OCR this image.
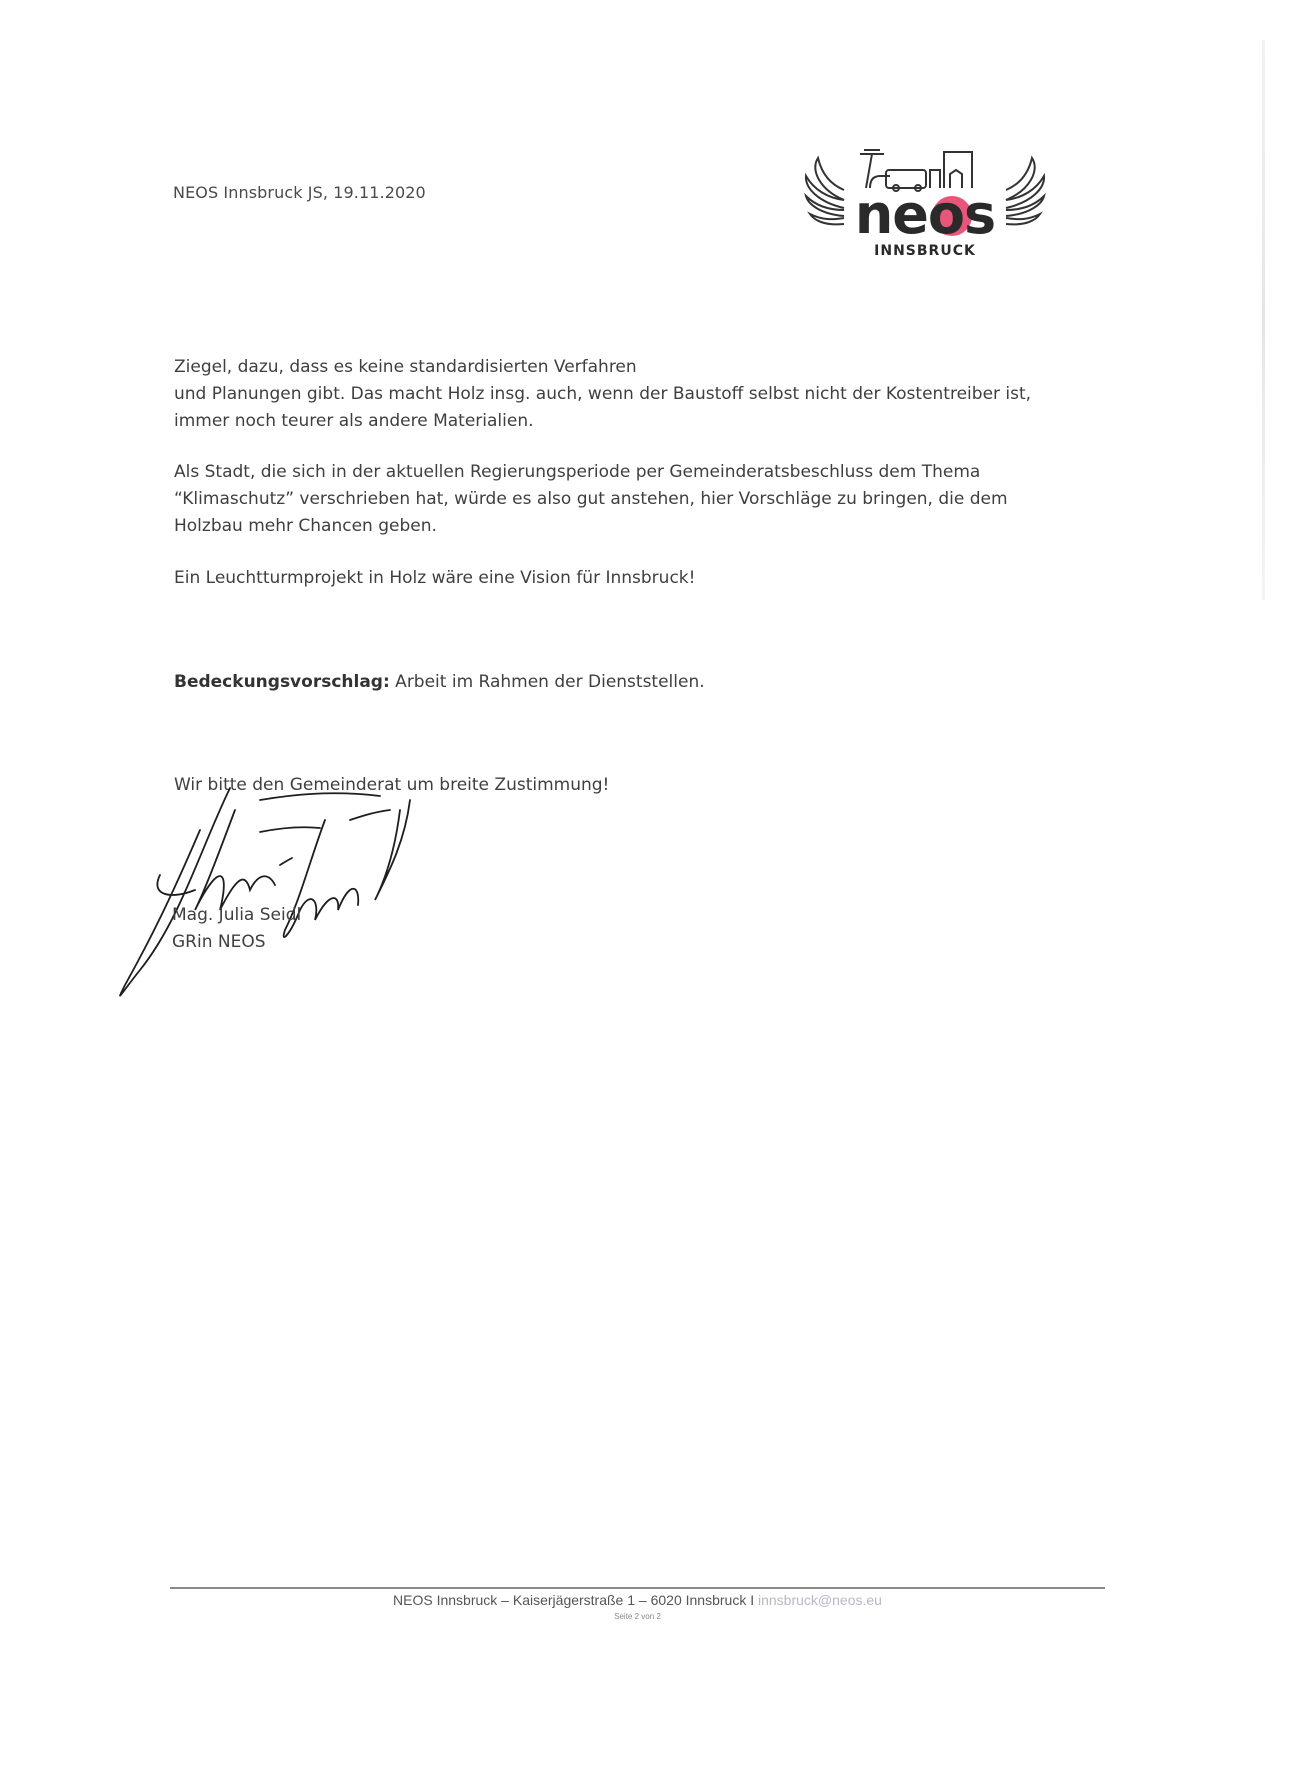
NEOS Innsbruck JS, 19.11.2020	neos
INNSBRUCK

Ziegel, dazu, dass es keine standardisierten Verfahren

und Planungen gibt. Das macht Holz insg. auch, wenn der Baustoff selbst nicht der Kostentreiber ist,

immer noch teurer als andere Materialien.

Als Stadt, die sich in der aktuellen Regierungsperiode per Gemeinderatsbeschluss dem Thema

“Klimaschutz” verschrieben hat, würde es also gut anstehen, hier Vorschläge zu bringen, die dem

Holzbau mehr Chancen geben.

Ein Leuchtturmprojekt in Holz wäre eine Vision für Innsbruck!

Bedeckungsvorschlag: Arbeit im Rahmen der Dienststellen.

Wir bitte den Gemeinderat um breite Zustimmung!

Mag. Julia Seidl
GRin NEOS
NEOS Innsbruck – Kaiserjägerstraße 1 – 6020 Innsbruck I innsbruck@neos.eu
Seite 2 von 2
